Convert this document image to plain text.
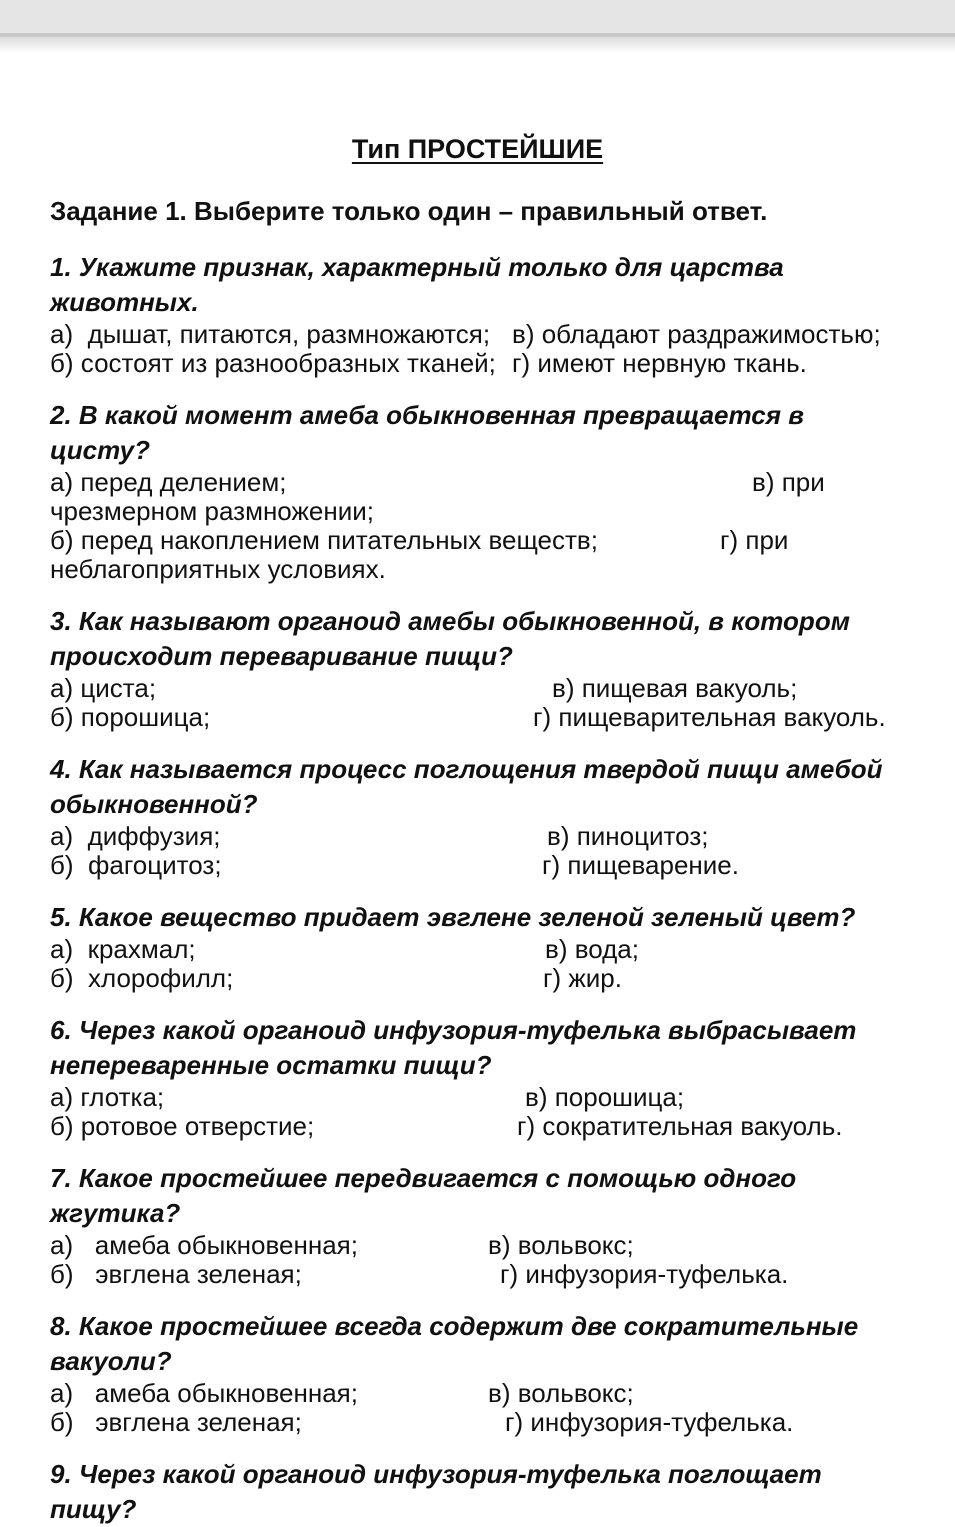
Тип ПРОСТЕЙШИЕ
Задание 1. Выберите только один – правильный ответ.
1. Укажите признак, характерный только для царства
животных.
а)  дышат, питаются, размножаются; в) обладают раздражимостью;
б) состоят из разнообразных тканей; г) имеют нервную ткань.
2. В какой момент амеба обыкновенная превращается в цисту?
а) перед делением;	в) при
чрезмерном размножении;
б) перед накоплением питательных веществ;	г) при
неблагоприятных условиях.
3. Как называют органоид амебы обыкновенной, в котором
происходит переваривание пищи?
а) циста;	в) пищевая вакуоль;
б) порошица;	г) пищеварительная вакуоль.
4. Как называется процесс поглощения твердой пищи амебой
обыкновенной?
а)  диффузия;	в) пиноцитоз;
б)  фагоцитоз;	г) пищеварение.
5. Какое вещество придает эвглене зеленой зеленый цвет?
а)  крахмал;	в) вода;
б)  хлорофилл;	г) жир.
6. Через какой органоид инфузория-туфелька выбрасывает
непереваренные остатки пищи?
а) глотка;	в) порошица;
б) ротовое отверстие;	г) сократительная вакуоль.
7. Какое простейшее передвигается с помощью одного
жгутика?
а)   амеба обыкновенная;	в) вольвокс;
б)   эвглена зеленая;	г) инфузория-туфелька.
8. Какое простейшее всегда содержит две сократительные
вакуоли?
а)   амеба обыкновенная;	в) вольвокс;
б)   эвглена зеленая;	г) инфузория-туфелька.
9. Через какой органоид инфузория-туфелька поглощает пищу?
